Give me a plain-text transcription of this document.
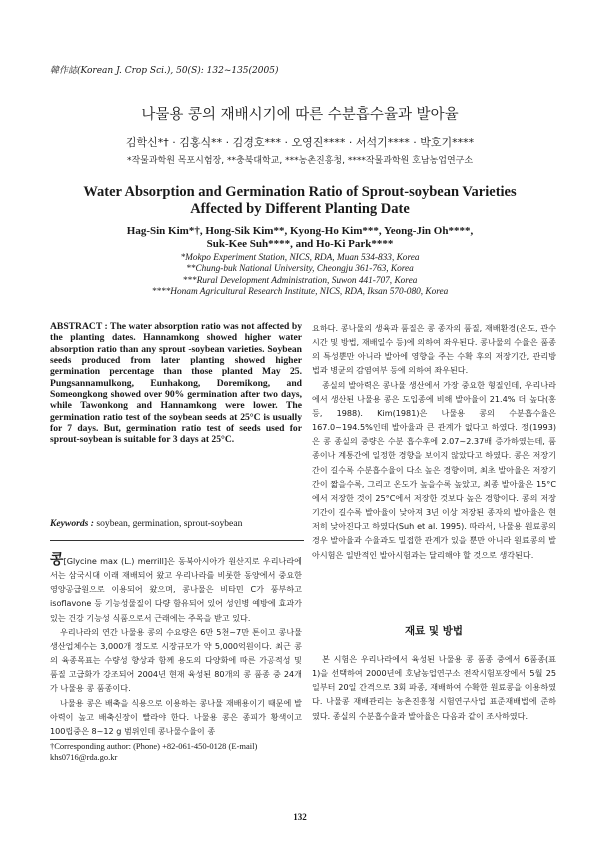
韓作誌(Korean J. Crop Sci.), 50(S): 132~135(2005)
나물용 콩의 재배시기에 따른 수분흡수율과 발아율
김학신*† · 김홍식** · 김경호*** · 오영진**** · 서석기**** · 박호기****
*작물과학원 목포시험장, **충북대학교, ***농촌진흥청, ****작물과학원 호남농업연구소
Water Absorption and Germination Ratio of Sprout-soybean Varieties
Affected by Different Planting Date
Hag-Sin Kim*†, Hong-Sik Kim**, Kyong-Ho Kim***, Yeong-Jin Oh****,
Suk-Kee Suh****, and Ho-Ki Park****
*Mokpo Experiment Station, NICS, RDA, Muan 534-833, Korea
**Chung-buk National University, Cheongju 361-763, Korea
***Rural Development Administration, Suwon 441-707, Korea
****Honam Agricultural Research Institute, NICS, RDA, Iksan 570-080, Korea
ABSTRACT : The water absorption ratio was not affected by the planting dates. Hannamkong showed higher water absorption ratio than any sprout -soybean varieties. Soybean seeds produced from later planting showed higher germination percentage than those planted May 25. Pungsannamulkong, Eunhakong, Doremikong, and Someongkong showed over 90% germination after two days, while Tawonkong and Hannamkong were lower. The germination ratio test of the soybean seeds at 25°C is usually for 7 days. But, germination ratio test of seeds used for sprout-soybean is suitable for 3 days at 25°C.
Keywords : soybean, germination, sprout-soybean

콩[Glycine max (L.) merrill]은 동북아시아가 원산지로 우리나라에서는 삼국시대 이래 재배되어 왔고 우리나라를 비롯한 동양에서 중요한 영양공급원으로 이용되어 왔으며, 콩나물은 비타민 C가 풍부하고 isoflavone 등 기능성물질이 다량 함유되어 있어 성인병 예방에 효과가 있는 건강 기능성 식품으로서 근래에는 주목을 받고 있다.

우리나라의 연간 나물용 콩의 수요량은 6만 5천~7만 톤이고 콩나물 생산업체수는 3,000개 정도로 시장규모가 약 5,000억원이다. 최근 콩의 육종목표는 수량성 향상과 함께 용도의 다양화에 따른 가공적성 및 품질 고급화가 강조되어 2004년 현재 육성된 80개의 콩 품종 중 24개가 나물용 콩 품종이다.

나물용 콩은 배축을 식용으로 이용하는 콩나물 재배용이기 때문에 발아력이 높고 배축신장이 빨라야 한다. 나물용 콩은 종피가 황색이고 100립중은 8~12 g 범위인데 콩나물수율이 종

†Corresponding author: (Phone) +82-061-450-0128 (E-mail) khs0716@rda.go.kr

요하다. 콩나물의 생육과 품질은 콩 종자의 품질, 재배환경(온도, 관수시간 및 방법, 재배일수 등)에 의하여 좌우된다. 콩나물의 수율은 품종의 특성뿐만 아니라 발아에 영향을 주는 수확 후의 저장기간, 관리방법과 병균의 감염여부 등에 의하여 좌우된다.

종실의 발아력은 콩나물 생산에서 가장 중요한 형질인데, 우리나라에서 생산된 나물용 콩은 도입종에 비해 발아율이 21.4% 더 높다(홍 등, 1988). Kim(1981)은 나물용 콩의 수분흡수율은 167.0~194.5%인데 발아율과 큰 관계가 없다고 하였다. 정(1993)은 콩 종실의 중량은 수분 흡수후에 2.07~2.37배 증가하였는데, 품종이나 계통간에 일정한 경향을 보이지 않았다고 하였다. 콩은 저장기간이 길수록 수분흡수율이 다소 높은 경향이며, 최초 발아율은 저장기간이 짧을수록, 그리고 온도가 높을수록 높았고, 최종 발아율은 15°C에서 저장한 것이 25°C에서 저장한 것보다 높은 경향이다. 콩의 저장기간이 길수록 발아율이 낮아져 3년 이상 저장된 종자의 발아율은 현저히 낮아진다고 하였다(Suh et al. 1995). 따라서, 나물용 원료콩의 경우 발아율과 수율과도 밀접한 관계가 있을 뿐만 아니라 원료콩의 발아시험은 일반적인 발아시험과는 달리해야 할 것으로 생각된다.

재료 및 방법

본 시험은 우리나라에서 육성된 나물용 콩 품종 중에서 6품종(표 1)을 선택하여 2000년에 호남농업연구소 전작시험포장에서 5월 25일부터 20일 간격으로 3회 파종, 재배하여 수확한 원료콩을 이용하였다. 나물콩 재배관리는 농촌진흥청 시험연구사업 표준재배법에 준하였다. 종실의 수분흡수율과 발아율은 다음과 같이 조사하였다.

132
